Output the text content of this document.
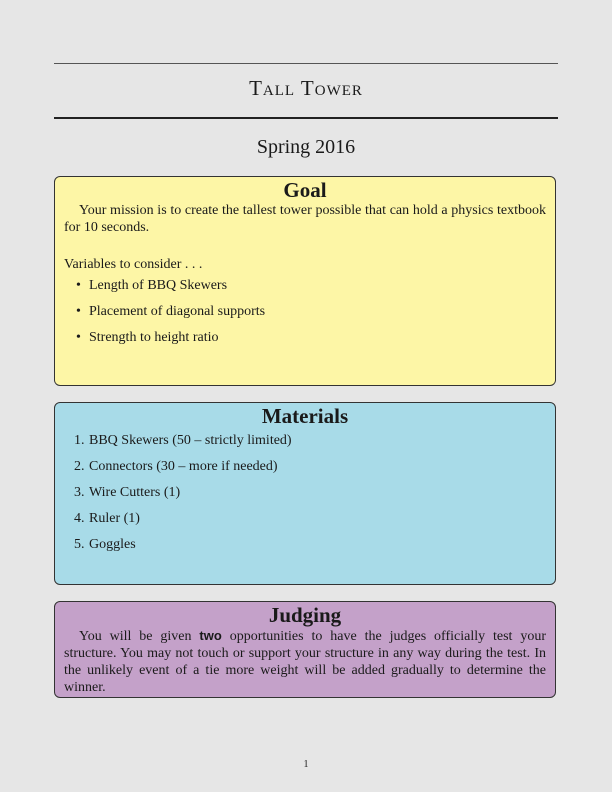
Tall Tower
Spring 2016
Goal

Your mission is to create the tallest tower possible that can hold a physics textbook for 10 seconds.

Variables to consider . . .

• Length of BBQ Skewers
• Placement of diagonal supports
• Strength to height ratio
Materials
1. BBQ Skewers (50 – strictly limited)
2. Connectors (30 – more if needed)
3. Wire Cutters (1)
4. Ruler (1)
5. Goggles
Judging

You will be given two opportunities to have the judges officially test your structure. You may not touch or support your structure in any way during the test. In the unlikely event of a tie more weight will be added gradually to determine the winner.

1
